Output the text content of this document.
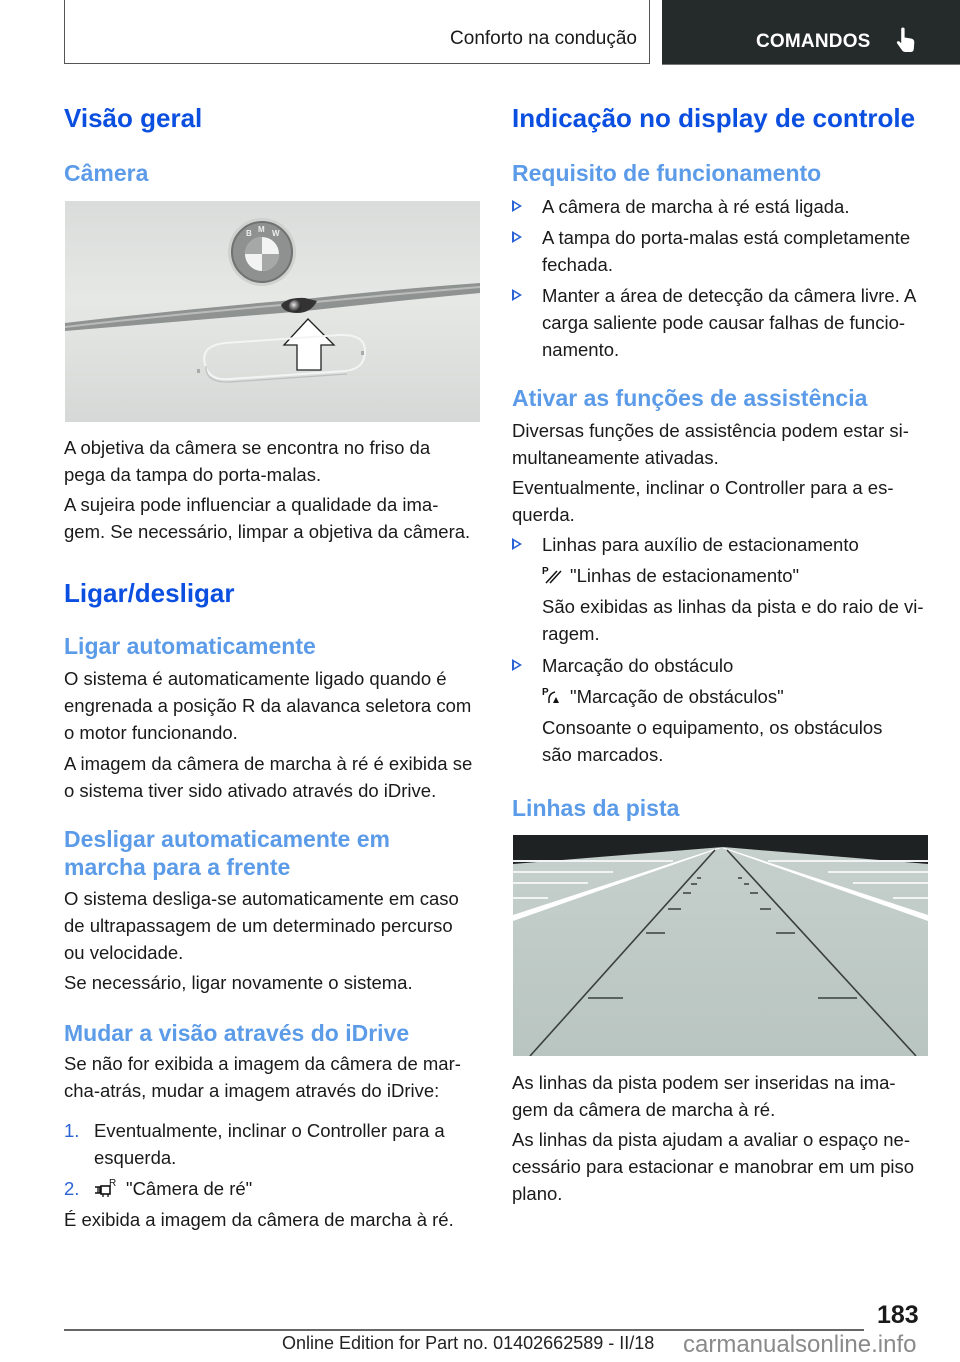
Conforto na condução	COMANDOS
Visão geral
Câmera
B M W
A objetiva da câmera se encontra no friso da
pega da tampa do porta-malas.
A sujeira pode influenciar a qualidade da ima-
gem. Se necessário, limpar a objetiva da câmera.
Ligar/desligar
Ligar automaticamente
O sistema é automaticamente ligado quando é
engrenada a posição R da alavanca seletora com
o motor funcionando.
A imagem da câmera de marcha à ré é exibida se
o sistema tiver sido ativado através do iDrive.
Desligar automaticamente em
marcha para a frente
O sistema desliga-se automaticamente em caso
de ultrapassagem de um determinado percurso
ou velocidade.
Se necessário, ligar novamente o sistema.
Mudar a visão através do iDrive
Se não for exibida a imagem da câmera de mar-
cha-atrás, mudar a imagem através do iDrive:
1. Eventualmente, inclinar o Controller para a
esquerda.
2.	R "Câmera de ré"
É exibida a imagem da câmera de marcha à ré.
Indicação no display de controle
Requisito de funcionamento
A câmera de marcha à ré está ligada.
A tampa do porta-malas está completamente
fechada.
Manter a área de detecção da câmera livre. A
carga saliente pode causar falhas de funcio-
namento.
Ativar as funções de assistência
Diversas funções de assistência podem estar si-
multaneamente ativadas.
Eventualmente, inclinar o Controller para a es-
querda.
Linhas para auxílio de estacionamento
P "Linhas de estacionamento"
São exibidas as linhas da pista e do raio de vi-
ragem.
Marcação do obstáculo
P "Marcação de obstáculos"
Consoante o equipamento, os obstáculos
são marcados.
Linhas da pista
As linhas da pista podem ser inseridas na ima-
gem da câmera de marcha à ré.
As linhas da pista ajudam a avaliar o espaço ne-
cessário para estacionar e manobrar em um piso
plano.
183
Online Edition for Part no. 01402662589 - II/18 carmanualsonline.info
